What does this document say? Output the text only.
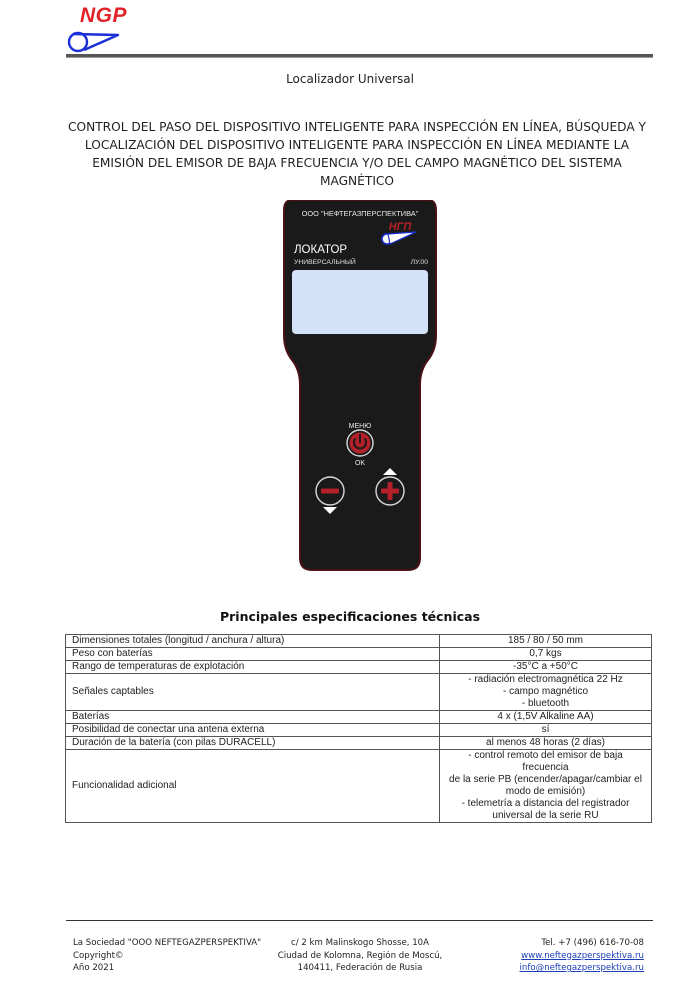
NGP
Localizador Universal
CONTROL DEL PASO DEL DISPOSITIVO INTELIGENTE PARA INSPECCIÓN EN LÍNEA, BÚSQUEDA Y LOCALIZACIÓN DEL DISPOSITIVO INTELIGENTE PARA INSPECCIÓN EN LÍNEA MEDIANTE LA EMISIÓN DEL EMISOR DE BAJA FRECUENCIA Y/O DEL CAMPO MAGNÉTICO DEL SISTEMA MAGNÉTICO
ООО "НЕФТЕГАЗПЕРСПЕКТИВА"
НГП
ЛОКАТОР
УНИВЕРСАЛЬНЫЙ	ЛУ.00
МЕНЮ
OK
Principales especificaciones técnicas
Dimensiones totales (longitud / anchura / altura)	185 / 80 / 50 mm

Peso con baterías	0,7 kgs

Rango de temperaturas de explotación	-35°C a +50°C

Señales captables	- radiación electromagnética 22 Hz
- campo magnético
- bluetooth

Baterías	4 x (1,5V Alkaline AA)

Posibilidad de conectar una antena externa	sí

Duración de la batería (con pilas DURACELL)	al menos 48 horas (2 días)

Funcionalidad adicional	- control remoto del emisor de baja frecuencia
de la serie PB (encender/apagar/cambiar el
modo de emisión)
- telemetría a distancia del registrador
universal de la serie RU
La Sociedad "OOO NEFTEGAZPERSPEKTIVA"
Copyright©
Año 2021
c/ 2 km Malinskogo Shosse, 10A
Ciudad de Kolomna, Región de Moscú,
140411, Federación de Rusia
Tel. +7 (496) 616-70-08
www.neftegazperspektiva.ru
info@neftegazperspektiva.ru
